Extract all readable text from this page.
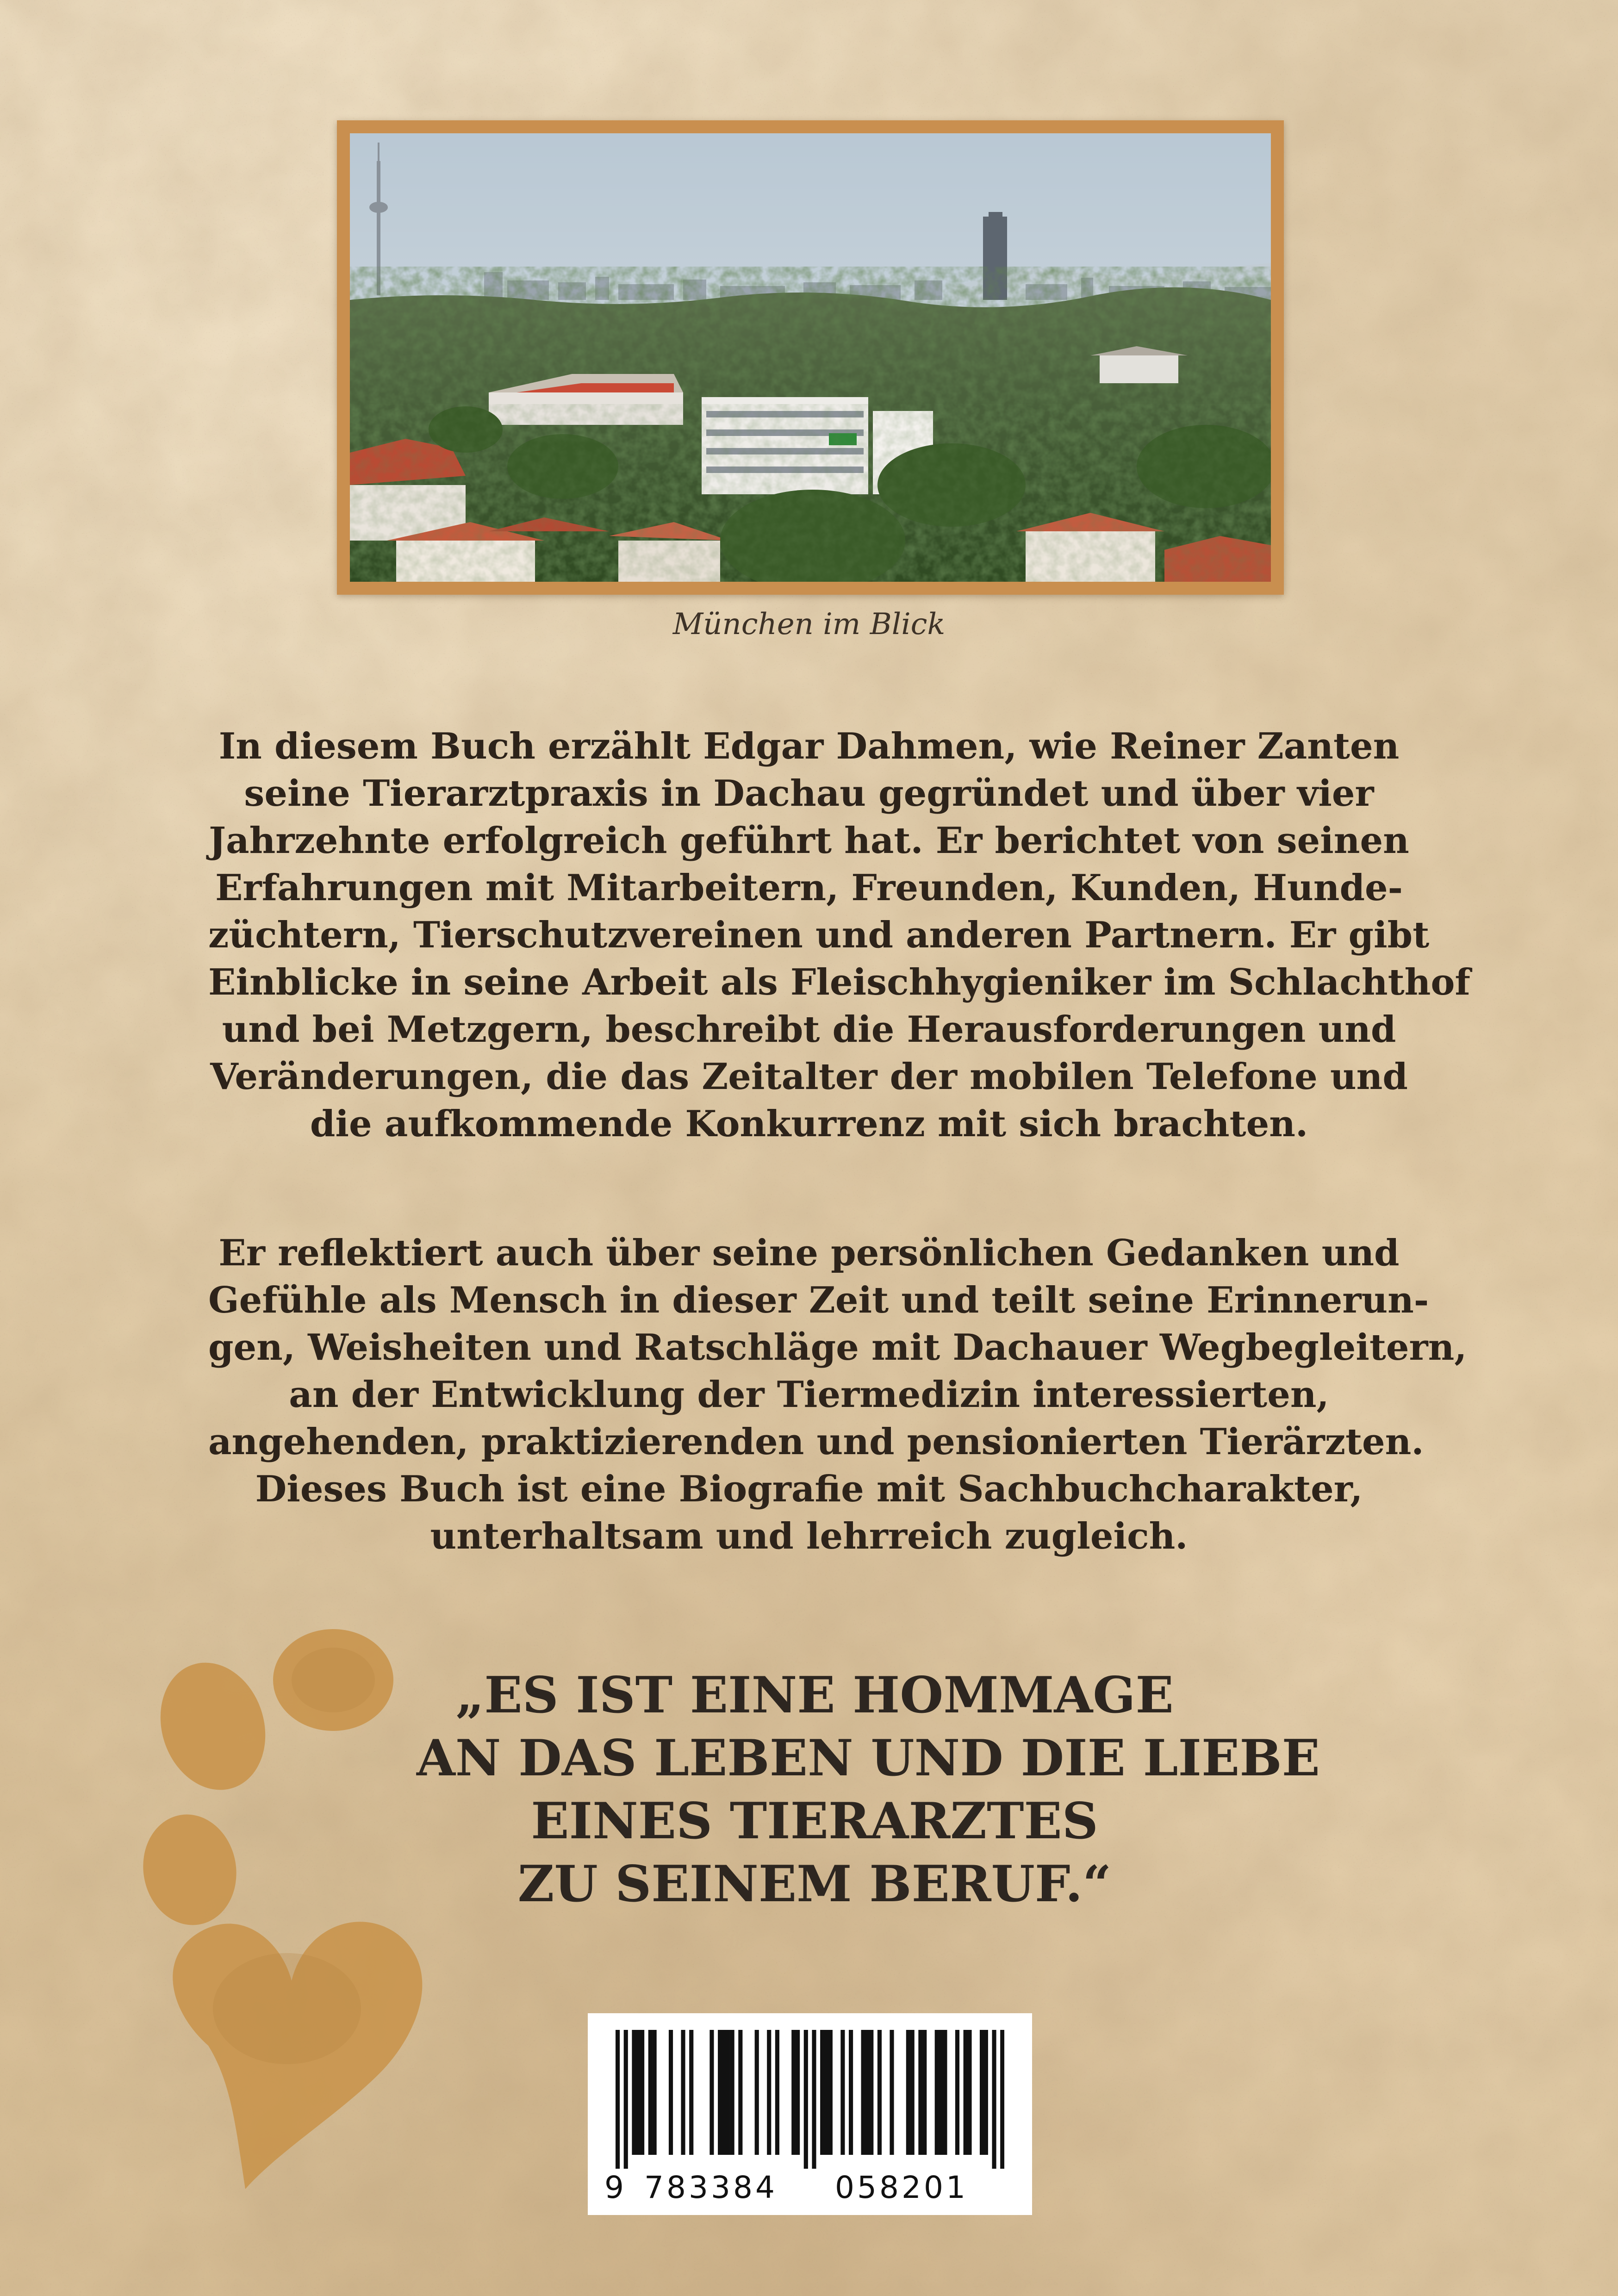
München im Blick

In diesem Buch erzählt Edgar Dahmen, wie Reiner Zanten
seine Tierarztpraxis in Dachau gegründet und über vier
Jahrzehnte erfolgreich geführt hat. Er berichtet von seinen
Erfahrungen mit Mitarbeitern, Freunden, Kunden, Hunde-
züchtern, Tierschutzvereinen und anderen Partnern. Er gibt
Einblicke in seine Arbeit als Fleischhygieniker im Schlachthof
und bei Metzgern, beschreibt die Herausforderungen und
Veränderungen, die das Zeitalter der mobilen Telefone und
die aufkommende Konkurrenz mit sich brachten.

Er reflektiert auch über seine persönlichen Gedanken und
Gefühle als Mensch in dieser Zeit und teilt seine Erinnerun-
gen, Weisheiten und Ratschläge mit Dachauer Wegbegleitern,
an der Entwicklung der Tiermedizin interessierten,
angehenden, praktizierenden und pensionierten Tierärzten.
Dieses Buch ist eine Biografie mit Sachbuchcharakter,
unterhaltsam und lehrreich zugleich.

„ES IST EINE HOMMAGE
AN DAS LEBEN UND DIE LIEBE
EINES TIERARZTES
ZU SEINEM BERUF.“

9 783384 058201
